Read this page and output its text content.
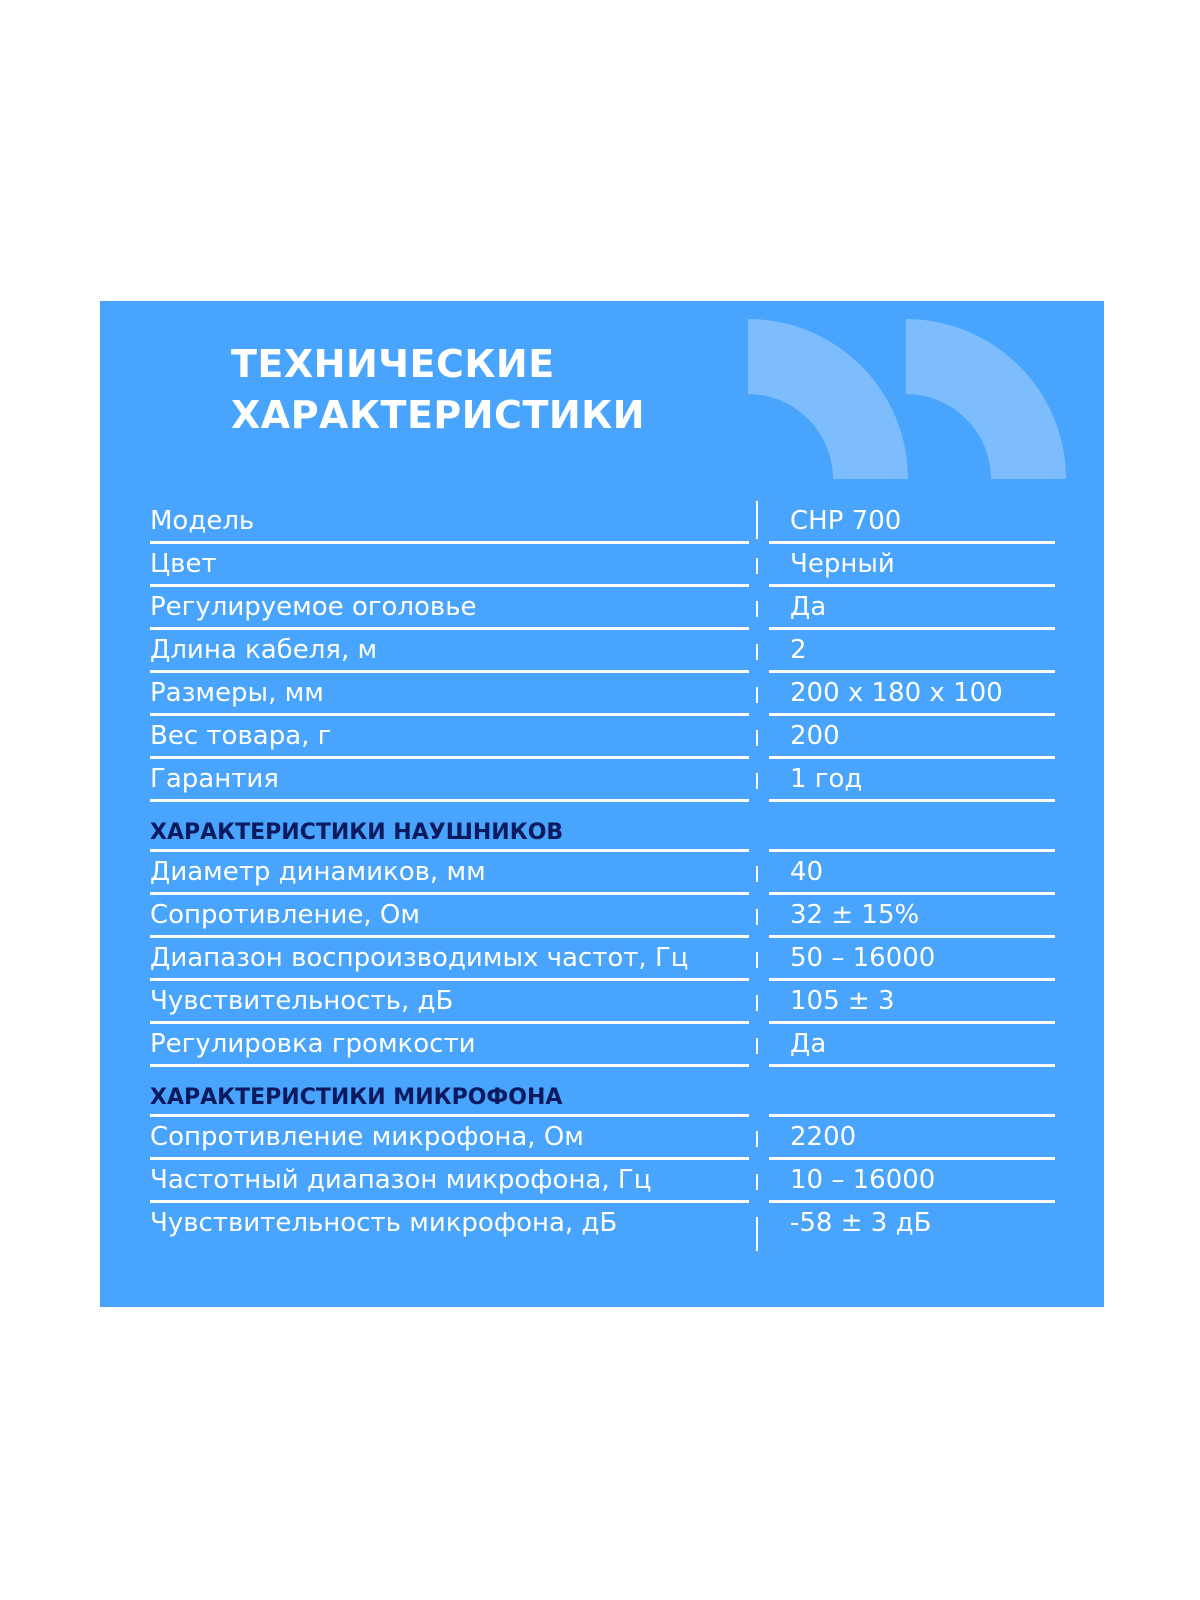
ТЕХНИЧЕСКИЕ
ХАРАКТЕРИСТИКИ
Модель	CHP 700
Цвет	Черный
Регулируемое оголовье	Да
Длина кабеля, м	2
Размеры, мм	200 x 180 x 100
Вес товара, г	200
Гарантия	1 год
ХАРАКТЕРИСТИКИ НАУШНИКОВ
Диаметр динамиков, мм	40
Сопротивление, Ом	32 ± 15%
Диапазон воспроизводимых частот, Гц	50 – 16000
Чувствительность, дБ	105 ± 3
Регулировка громкости	Да
ХАРАКТЕРИСТИКИ МИКРОФОНА
Сопротивление микрофона, Ом	2200
Частотный диапазон микрофона, Гц	10 – 16000
Чувствительность микрофона, дБ	-58 ± 3 дБ
